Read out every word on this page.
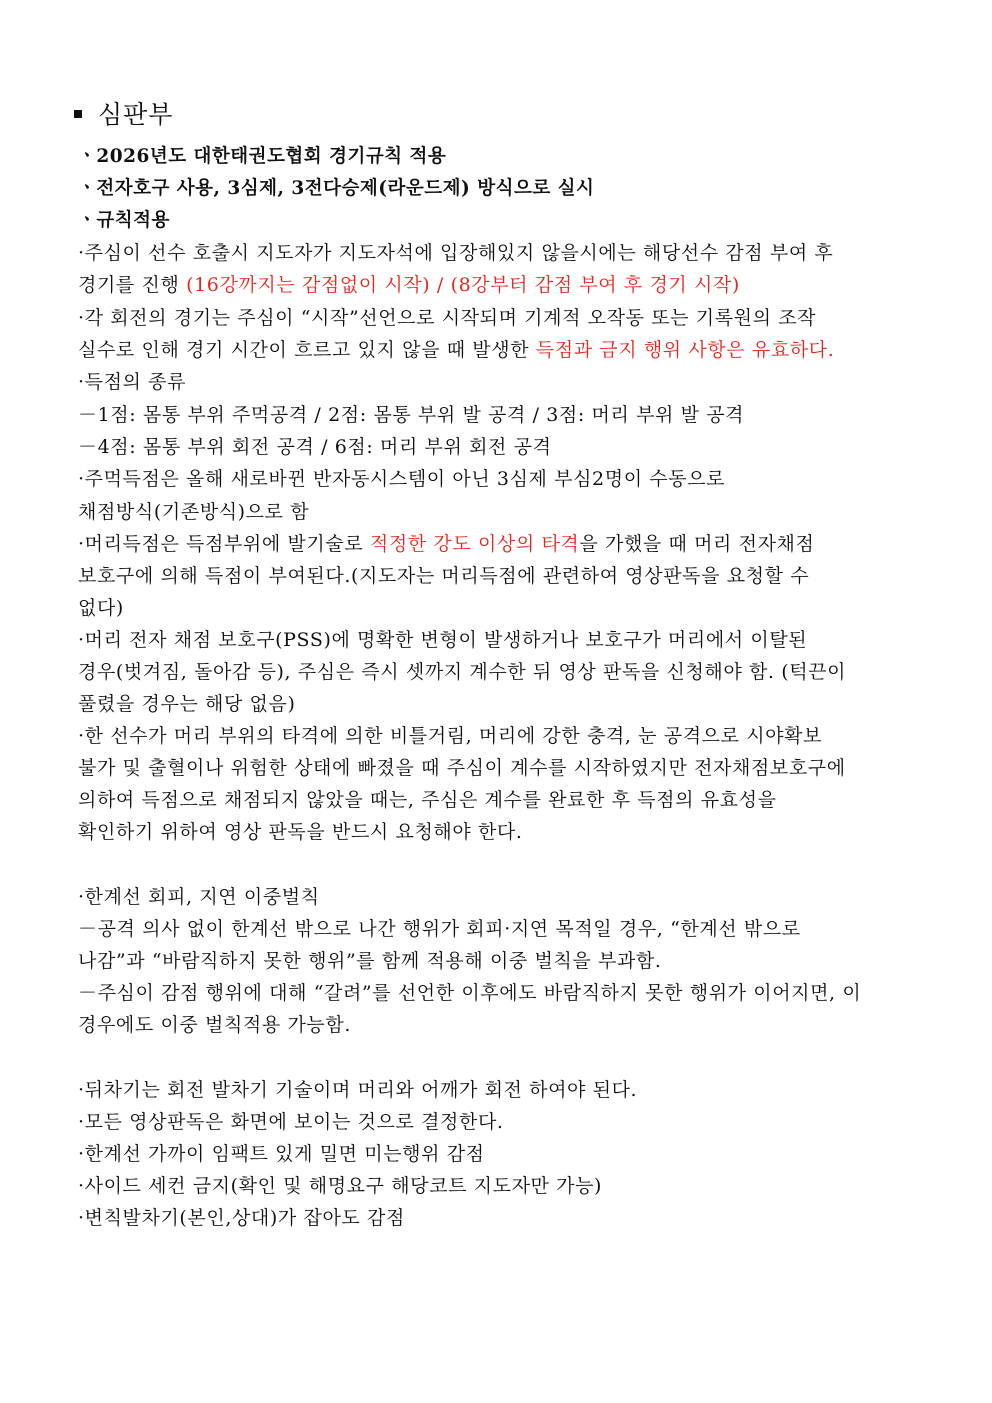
심판부
ㆍ2026년도 대한태권도협회 경기규칙 적용
ㆍ전자호구 사용, 3심제, 3전다승제(라운드제) 방식으로 실시
ㆍ규칙적용
·주심이 선수 호출시 지도자가 지도자석에 입장해있지 않을시에는 해당선수 감점 부여 후
경기를 진행 (16강까지는 감점없이 시작) / (8강부터 감점 부여 후 경기 시작)
·각 회전의 경기는 주심이 “시작”선언으로 시작되며 기계적 오작동 또는 기록원의 조작
실수로 인해 경기 시간이 흐르고 있지 않을 때 발생한 득점과 금지 행위 사항은 유효하다.
·득점의 종류
－1점: 몸통 부위 주먹공격 / 2점: 몸통 부위 발 공격 / 3점: 머리 부위 발 공격
－4점: 몸통 부위 회전 공격 / 6점: 머리 부위 회전 공격
·주먹득점은 올해 새로바뀐 반자동시스템이 아닌 3심제 부심2명이 수동으로
채점방식(기존방식)으로 함
·머리득점은 득점부위에 발기술로 적정한 강도 이상의 타격을 가했을 때 머리 전자채점
보호구에 의해 득점이 부여된다.(지도자는 머리득점에 관련하여 영상판독을 요청할 수
없다)
·머리 전자 채점 보호구(PSS)에 명확한 변형이 발생하거나 보호구가 머리에서 이탈된
경우(벗겨짐, 돌아감 등), 주심은 즉시 셋까지 계수한 뒤 영상 판독을 신청해야 함. (턱끈이
풀렸을 경우는 해당 없음)
·한 선수가 머리 부위의 타격에 의한 비틀거림, 머리에 강한 충격, 눈 공격으로 시야확보
불가 및 출혈이나 위험한 상태에 빠졌을 때 주심이 계수를 시작하였지만 전자채점보호구에
의하여 득점으로 채점되지 않았을 때는, 주심은 계수를 완료한 후 득점의 유효성을
확인하기 위하여 영상 판독을 반드시 요청해야 한다.
·한계선 회피, 지연 이중벌칙
－공격 의사 없이 한계선 밖으로 나간 행위가 회피·지연 목적일 경우, “한계선 밖으로
나감”과 “바람직하지 못한 행위”를 함께 적용해 이중 벌칙을 부과함.
－주심이 감점 행위에 대해 “갈려”를 선언한 이후에도 바람직하지 못한 행위가 이어지면, 이
경우에도 이중 벌칙적용 가능함.
·뒤차기는 회전 발차기 기술이며 머리와 어깨가 회전 하여야 된다.
·모든 영상판독은 화면에 보이는 것으로 결정한다.
·한계선 가까이 임팩트 있게 밀면 미는행위 감점
·사이드 세컨 금지(확인 및 해명요구 해당코트 지도자만 가능)
·변칙발차기(본인,상대)가 잡아도 감점
